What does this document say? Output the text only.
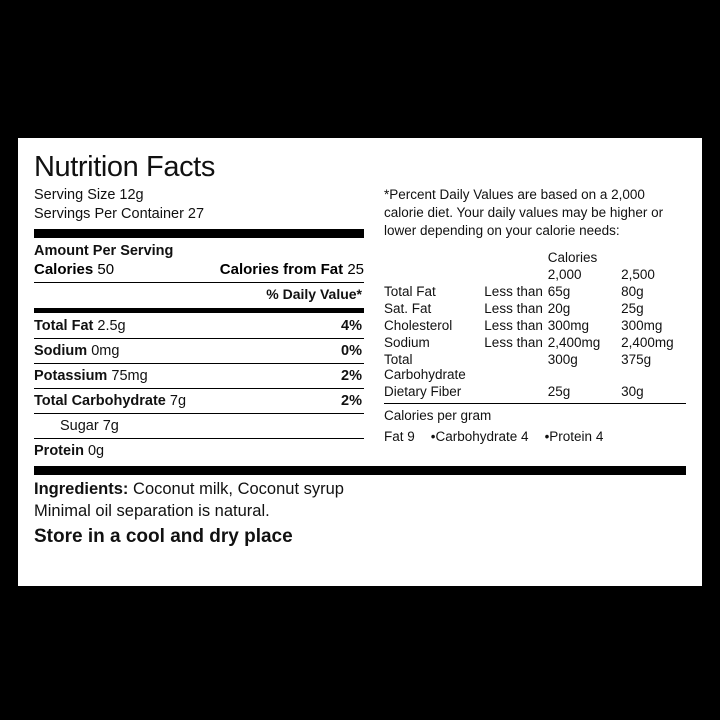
Nutrition Facts
Serving Size 12g
Servings Per Container 27
Amount Per Serving
Calories 50	Calories from Fat 25
% Daily Value*
Total Fat 2.5g	4%
Sodium 0mg	0%
Potassium 75mg	2%
Total Carbohydrate 7g	2%
Sugar 7g
Protein 0g
*Percent Daily Values are based on a 2,000 calorie diet. Your daily values may be higher or lower depending on your calorie needs:
		Calories	
		2,000	2,500
Total Fat	Less than	65g	80g
Sat. Fat	Less than	20g	25g
Cholesterol	Less than	300mg	300mg
Sodium	Less than	2,400mg	2,400mg
Total Carbohydrate		300g	375g
Dietary Fiber		25g	30g
Calories per gram
Fat 9 •Carbohydrate 4 •Protein 4
Ingredients: Coconut milk, Coconut syrup
Minimal oil separation is natural.
Store in a cool and dry place
